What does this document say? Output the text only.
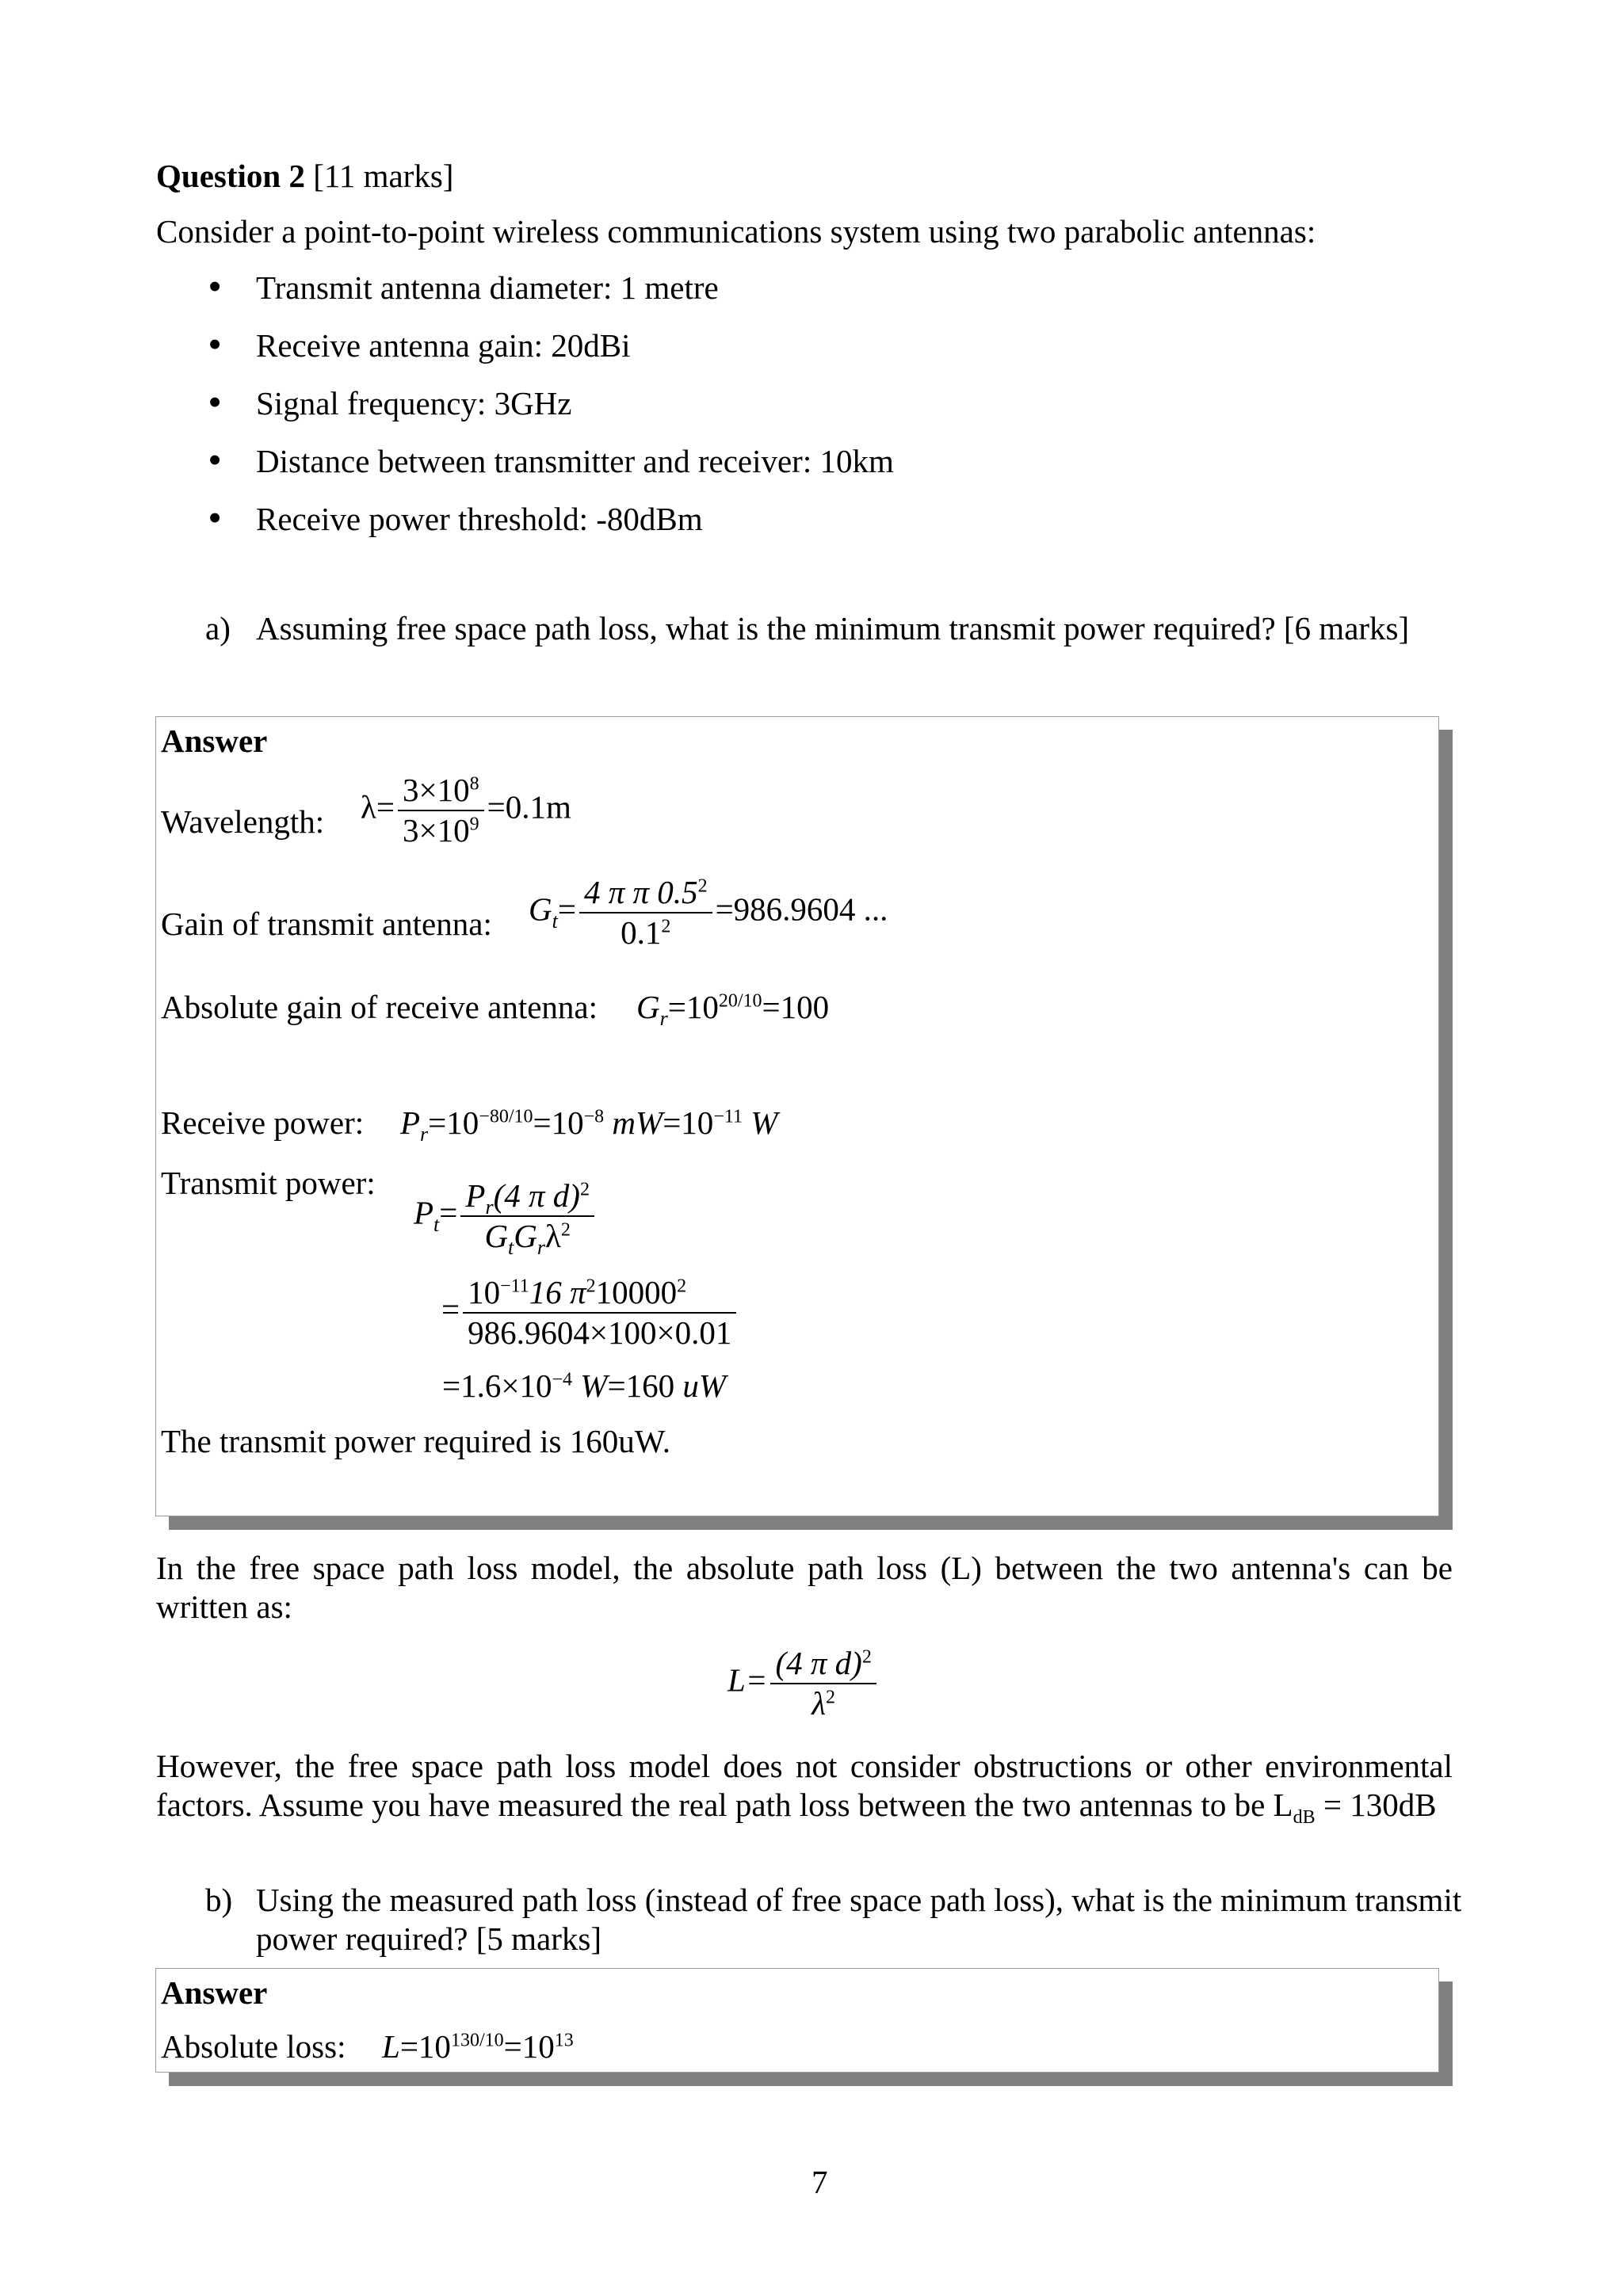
Question 2 [11 marks]
Consider a point-to-point wireless communications system using two parabolic antennas:
• Transmit antenna diameter: 1 metre
• Receive antenna gain: 20dBi
• Signal frequency: 3GHz
• Distance between transmitter and receiver: 10km
• Receive power threshold: -80dBm
a) Assuming free space path loss, what is the minimum transmit power required? [6 marks]
Answer
Wavelength: $\lambda= \frac{3\times 10^8}{3\times 10^9} =0.1m$
Gain of transmit antenna: $G_t= \frac{4 \pi \pi 0.5^2}{0.1^2} =986.9604$ ...
Absolute gain of receive antenna: $G_r=10^{20/10}=100$
Receive power: $P_r=10^{-80/10}=10^{-8}$ $mW=10^{-11}$ W
Transmit power:
$P_t= \frac{P_r(4 \pi d)^2}{G_tG_r\lambda^2}$
= $\frac{10^{-11}16 \pi^210000^2}{986.9604\times 100\times 0.01}$
$=1.6\times 10^{-4}$ W=160 uW
The transmit power required is 160uW.
In the free space path loss model, the absolute path loss (L) between the two antenna's can be written as:
$L= \frac{(4 \pi d)^2}{\lambda^2}$
However, the free space path loss model does not consider obstructions or other environmental factors. Assume you have measured the real path loss between the two antennas to be $L_{dB} = 130dB$
b) Using the measured path loss (instead of free space path loss), what is the minimum transmit power required? [5 marks]
Answer
Absolute loss: $L=10^{130/10}=10^{13}$
7
